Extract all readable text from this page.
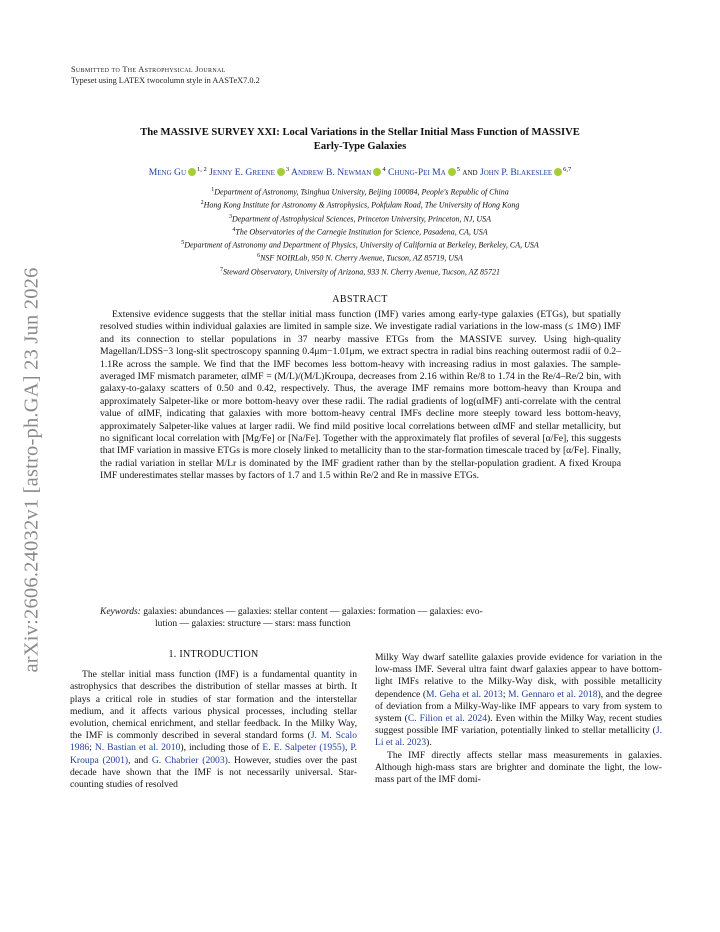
arXiv:2606.24032v1 [astro-ph.GA] 23 Jun 2026
Submitted to The Astrophysical Journal
Typeset using LATEX twocolumn style in AASTeX7.0.2
The MASSIVE SURVEY XXI: Local Variations in the Stellar Initial Mass Function of MASSIVE
Early-Type Galaxies
Meng Gu $^{1, 2}$ Jenny E. Greene $^3$ Andrew B. Newman $^4$ Chung-Pei Ma $^5$ and John P. Blakeslee $^{6,7}$
$^1$Department of Astronomy, Tsinghua University, Beijing 100084, People's Republic of China
$^2$Hong Kong Institute for Astronomy & Astrophysics, Pokfulam Road, The University of Hong Kong
$^3$Department of Astrophysical Sciences, Princeton University, Princeton, NJ, USA
$^4$The Observatories of the Carnegie Institution for Science, Pasadena, CA, USA
$^5$Department of Astronomy and Department of Physics, University of California at Berkeley, Berkeley, CA, USA
$^6$NSF NOIRLab, 950 N. Cherry Avenue, Tucson, AZ 85719, USA
$^7$Steward Observatory, University of Arizona, 933 N. Cherry Avenue, Tucson, AZ 85721
ABSTRACT
Extensive evidence suggests that the stellar initial mass function (IMF) varies among early-type galaxies (ETGs), but spatially resolved studies within individual galaxies are limited in sample size. We investigate radial variations in the low-mass (≤ 1M⊙) IMF and its connection to stellar populations in 37 nearby massive ETGs from the MASSIVE survey. Using high-quality Magellan/LDSS−3 long-slit spectroscopy spanning 0.4μm−1.01μm, we extract spectra in radial bins reaching outermost radii of 0.2–1.1Re across the sample. We find that the IMF becomes less bottom-heavy with increasing radius in most galaxies. The sample-averaged IMF mismatch parameter, αIMF = (M/L)/(M/L)Kroupa, decreases from 2.16 within Re/8 to 1.74 in the Re/4–Re/2 bin, with galaxy-to-galaxy scatters of 0.50 and 0.42, respectively. Thus, the average IMF remains more bottom-heavy than Kroupa and approximately Salpeter-like or more bottom-heavy over these radii. The radial gradients of log(αIMF) anti-correlate with the central value of αIMF, indicating that galaxies with more bottom-heavy central IMFs decline more steeply toward less bottom-heavy, approximately Salpeter-like values at larger radii. We find mild positive local correlations between αIMF and stellar metallicity, but no significant local correlation with [Mg/Fe] or [Na/Fe]. Together with the approximately flat profiles of several [α/Fe], this suggests that IMF variation in massive ETGs is more closely linked to metallicity than to the star-formation timescale traced by [α/Fe]. Finally, the radial variation in stellar M/Lr is dominated by the IMF gradient rather than by the stellar-population gradient. A fixed Kroupa IMF underestimates stellar masses by factors of 1.7 and 1.5 within Re/2 and Re in massive ETGs.
Keywords: galaxies: abundances — galaxies: stellar content — galaxies: formation — galaxies: evo-
lution — galaxies: structure — stars: mass function
1. INTRODUCTION

The stellar initial mass function (IMF) is a fundamental quantity in astrophysics that describes the distribution of stellar masses at birth. It plays a critical role in studies of star formation and the interstellar medium, and it affects various physical processes, including stellar evolution, chemical enrichment, and stellar feedback. In the Milky Way, the IMF is commonly described in several standard forms (J. M. Scalo 1986; N. Bastian et al. 2010), including those of E. E. Salpeter (1955), P. Kroupa (2001), and G. Chabrier (2003). However, studies over the past decade have shown that the IMF is not necessarily universal. Star-counting studies of resolved

Milky Way dwarf satellite galaxies provide evidence for variation in the low-mass IMF. Several ultra faint dwarf galaxies appear to have bottom-light IMFs relative to the Milky-Way disk, with possible metallicity dependence (M. Geha et al. 2013; M. Gennaro et al. 2018), and the degree of deviation from a Milky-Way-like IMF appears to vary from system to system (C. Filion et al. 2024). Even within the Milky Way, recent studies suggest possible IMF variation, potentially linked to stellar metallicity (J. Li et al. 2023).

The IMF directly affects stellar mass measurements in galaxies. Although high-mass stars are brighter and dominate the light, the low-mass part of the IMF domi-
